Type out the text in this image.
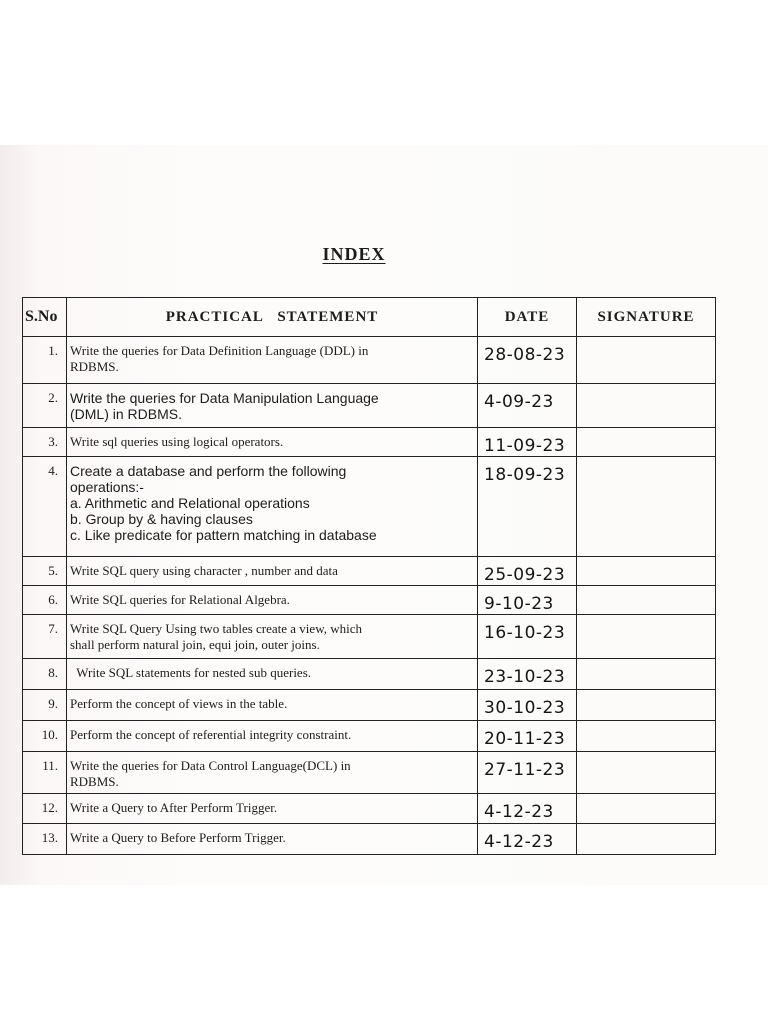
INDEX
S.No	PRACTICAL   STATEMENT	DATE	SIGNATURE
1.	Write the queries for Data Definition Language (DDL) in
RDBMS.	28-08-23	
2.	Write the queries for Data Manipulation Language
(DML) in RDBMS.	4-09-23	
3.	Write sql queries using logical operators.	11-09-23	
4.	Create a database and perform the following
operations:-
a. Arithmetic and Relational operations
b. Group by & having clauses
c. Like predicate for pattern matching in database	18-09-23	
5.	Write SQL query using character , number and data	25-09-23	
6.	Write SQL queries for Relational Algebra.	9-10-23	
7.	Write SQL Query Using two tables create a view, which
shall perform natural join, equi join, outer joins.	16-10-23	
8.	Write SQL statements for nested sub queries.	23-10-23	
9.	Perform the concept of views in the table.	30-10-23	
10.	Perform the concept of referential integrity constraint.	20-11-23	
11.	Write the queries for Data Control Language(DCL) in
RDBMS.	27-11-23	
12.	Write a Query to After Perform Trigger.	4-12-23	
13.	Write a Query to Before Perform Trigger.	4-12-23	
